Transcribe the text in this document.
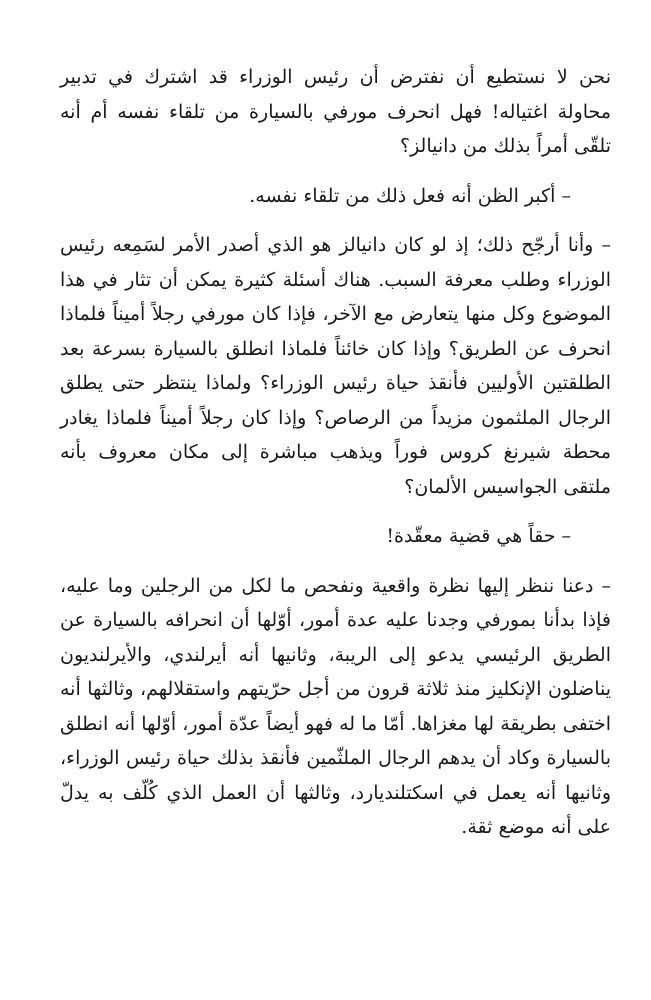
نحن لا نستطيع أن نفترض أن رئيس الوزراء قد اشترك في تدبير محاولة اغتياله! فهل انحرف مورفي بالسيارة من تلقاء نفسه أم أنه تلقّى أمراً بذلك من دانيالز؟

– أكبر الظن أنه فعل ذلك من تلقاء نفسه.

– وأنا أرجّح ذلك؛ إذ لو كان دانيالز هو الذي أصدر الأمر لسَمِعه رئيس الوزراء وطلب معرفة السبب. هناك أسئلة كثيرة يمكن أن تثار في هذا الموضوع وكل منها يتعارض مع الآخر، فإذا كان مورفي رجلاً أميناً فلماذا انحرف عن الطريق؟ وإذا كان خائناً فلماذا انطلق بالسيارة بسرعة بعد الطلقتين الأوليين فأنقذ حياة رئيس الوزراء؟ ولماذا ينتظر حتى يطلق الرجال الملثمون مزيداً من الرصاص؟ وإذا كان رجلاً أميناً فلماذا يغادر محطة شيرنغ كروس فوراً ويذهب مباشرة إلى مكان معروف بأنه ملتقى الجواسيس الألمان؟

– حقاً هي قضية معقّدة!

– دعنا ننظر إليها نظرة واقعية ونفحص ما لكل من الرجلين وما عليه، فإذا بدأنا بمورفي وجدنا عليه عدة أمور، أوّلها أن انحرافه بالسيارة عن الطريق الرئيسي يدعو إلى الريبة، وثانيها أنه أيرلندي، والأيرلنديون يناضلون الإنكليز منذ ثلاثة قرون من أجل حرّيتهم واستقلالهم، وثالثها أنه اختفى بطريقة لها مغزاها. أمّا ما له فهو أيضاً عدّة أمور، أوّلها أنه انطلق بالسيارة وكاد أن يدهم الرجال الملثّمين فأنقذ بذلك حياة رئيس الوزراء، وثانيها أنه يعمل في اسكتلنديارد، وثالثها أن العمل الذي كُلّف به يدلّ على أنه موضع ثقة.
